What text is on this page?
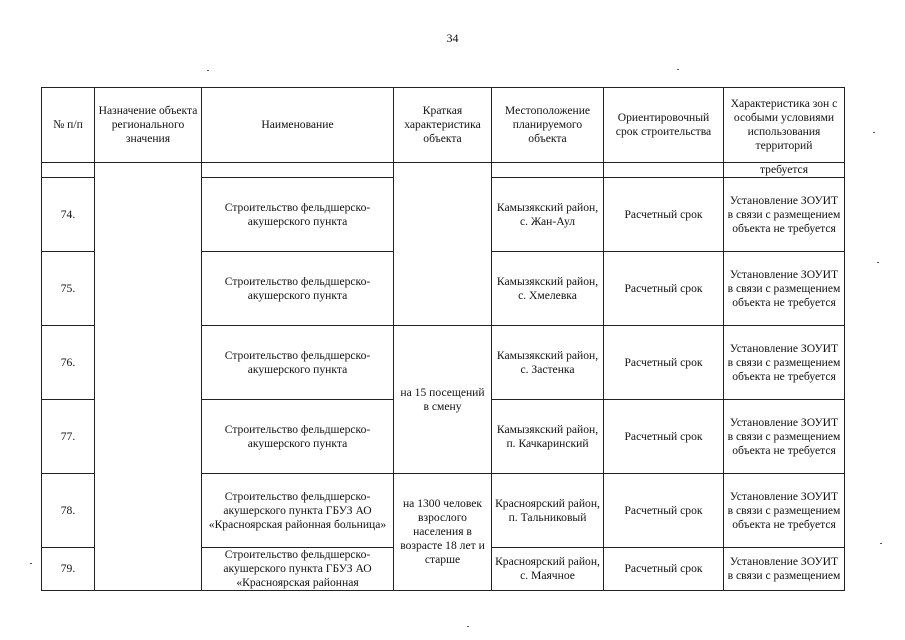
34
№ п/п	Назначение объекта регионального значения	Наименование	Краткая характеристика объекта	Местоположение планируемого объекта	Ориентировочный срок строительства	Характеристика зон с особыми условиями использования территорий
						требуется
74.		Строительство фельдшерско-акушерского пункта		Камызякский район, с. Жан-Аул	Расчетный срок	Установление ЗОУИТ в связи с размещением объекта не требуется
75.		Строительство фельдшерско-акушерского пункта		Камызякский район, с. Хмелевка	Расчетный срок	Установление ЗОУИТ в связи с размещением объекта не требуется
76.		Строительство фельдшерско-акушерского пункта	на 15 посещений в смену	Камызякский район, с. Застенка	Расчетный срок	Установление ЗОУИТ в связи с размещением объекта не требуется
77.		Строительство фельдшерско-акушерского пункта		Камызякский район, п. Качкаринский	Расчетный срок	Установление ЗОУИТ в связи с размещением объекта не требуется
78.		Строительство фельдшерско-акушерского пункта ГБУЗ АО «Красноярская районная больница»	на 1300 человек взрослого населения в возрасте 18 лет и старше	Красноярский район, п. Тальниковый	Расчетный срок	Установление ЗОУИТ в связи с размещением объекта не требуется
79.		Строительство фельдшерско-акушерского пункта ГБУЗ АО «Красноярская районная		Красноярский район, с. Маячное	Расчетный срок	Установление ЗОУИТ в связи с размещением
